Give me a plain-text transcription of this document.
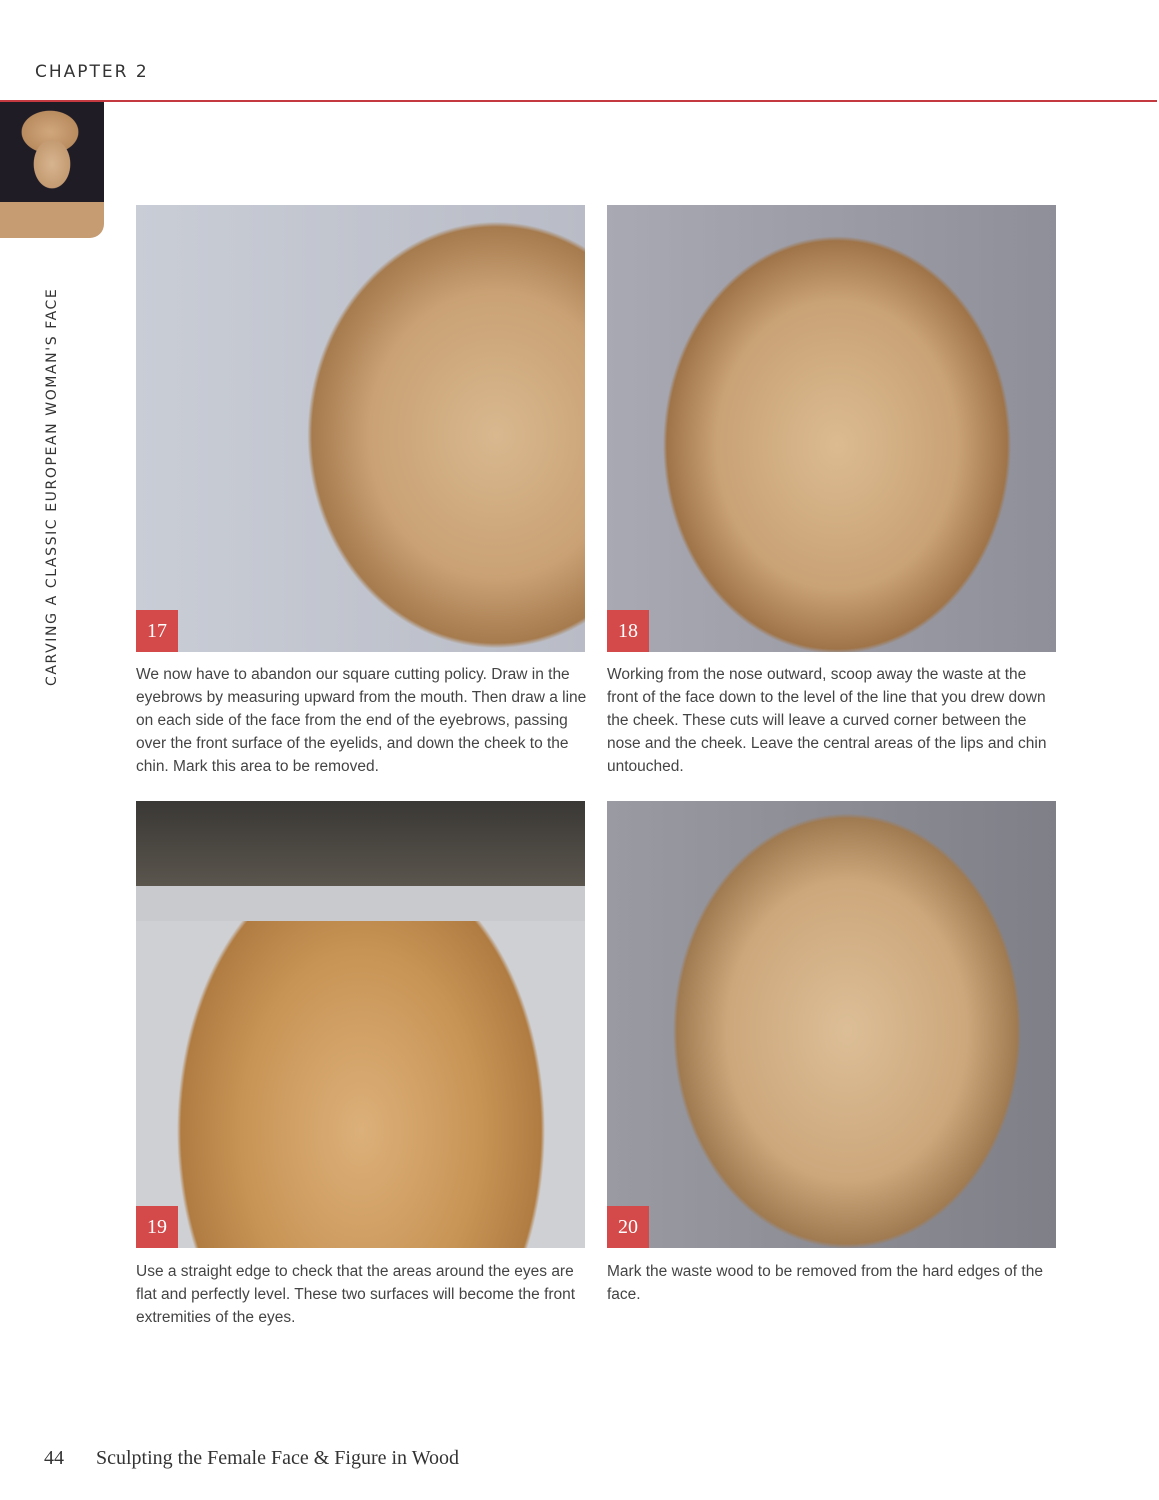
CHAPTER 2
CARVING A CLASSIC EUROPEAN WOMAN'S FACE	17	18
19	20
We now have to abandon our square cutting policy. Draw in the eyebrows by measuring upward from the mouth. Then draw a line on each side of the face from the end of the eyebrows, passing over the front surface of the eyelids, and down the cheek to the chin. Mark this area to be removed.
Working from the nose outward, scoop away the waste at the front of the face down to the level of the line that you drew down the cheek. These cuts will leave a curved corner between the nose and the cheek. Leave the central areas of the lips and chin untouched.
Use a straight edge to check that the areas around the eyes are flat and perfectly level. These two surfaces will become the front extremities of the eyes.
Mark the waste wood to be removed from the hard edges of the face.
44 Sculpting the Female Face & Figure in Wood
